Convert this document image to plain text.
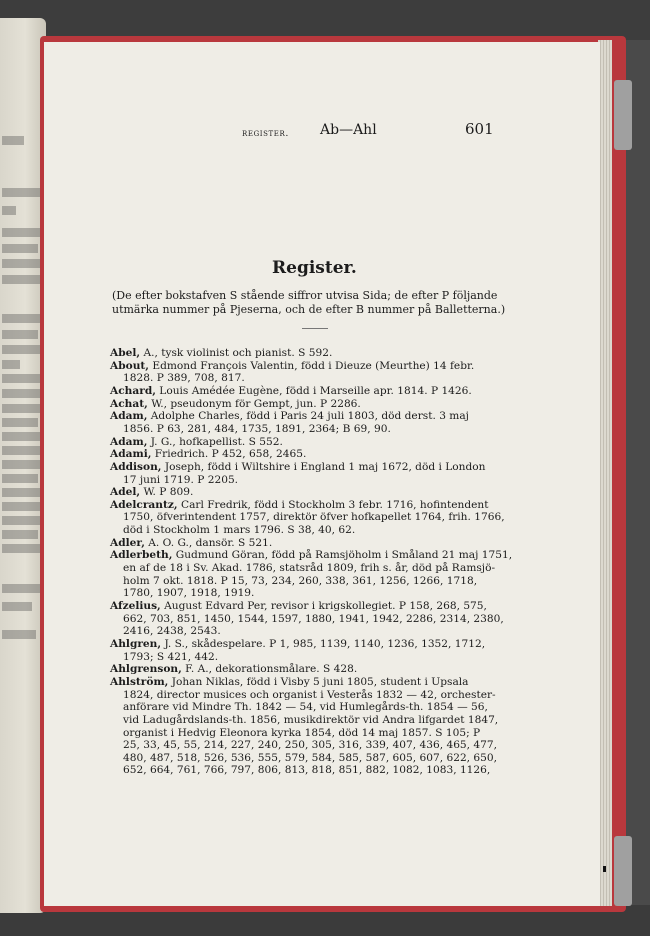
register. Ab—Ahl	601
Register.
(De efter bokstafven S stående siffror utvisa Sida; de efter P följande
utmärka nummer på Pjeserna, och de efter B nummer på Balletterna.)
Abel, A., tysk violinist och pianist. S 592.
About, Edmond François Valentin, född i Dieuze (Meurthe) 14 febr.
1828. P 389, 708, 817.
Achard, Louis Amédée Eugène, född i Marseille apr. 1814. P 1426.
Achat, W., pseudonym för Gempt, jun. P 2286.
Adam, Adolphe Charles, född i Paris 24 juli 1803, död derst. 3 maj
1856. P 63, 281, 484, 1735, 1891, 2364; B 69, 90.
Adam, J. G., hofkapellist. S 552.
Adami, Friedrich. P 452, 658, 2465.
Addison, Joseph, född i Wiltshire i England 1 maj 1672, död i London
17 juni 1719. P 2205.
Adel, W. P 809.
Adelcrantz, Carl Fredrik, född i Stockholm 3 febr. 1716, hofintendent
1750, öfverintendent 1757, direktör öfver hofkapellet 1764, frih. 1766,
död i Stockholm 1 mars 1796. S 38, 40, 62.
Adler, A. O. G., dansör. S 521.
Adlerbeth, Gudmund Göran, född på Ramsjöholm i Småland 21 maj 1751,
en af de 18 i Sv. Akad. 1786, statsråd 1809, frih s. år, död på Ramsjö-
holm 7 okt. 1818. P 15, 73, 234, 260, 338, 361, 1256, 1266, 1718,
1780, 1907, 1918, 1919.
Afzelius, August Edvard Per, revisor i krigskollegiet. P 158, 268, 575,
662, 703, 851, 1450, 1544, 1597, 1880, 1941, 1942, 2286, 2314, 2380,
2416, 2438, 2543.
Ahlgren, J. S., skådespelare. P 1, 985, 1139, 1140, 1236, 1352, 1712,
1793; S 421, 442.
Ahlgrenson, F. A., dekorationsmålare. S 428.
Ahlström, Johan Niklas, född i Visby 5 juni 1805, student i Upsala
1824, director musices och organist i Vesterås 1832 — 42, orchester-
anförare vid Mindre Th. 1842 — 54, vid Humlegårds-th. 1854 — 56,
vid Ladugårdslands-th. 1856, musikdirektör vid Andra lifgardet 1847,
organist i Hedvig Eleonora kyrka 1854, död 14 maj 1857. S 105; P
25, 33, 45, 55, 214, 227, 240, 250, 305, 316, 339, 407, 436, 465, 477,
480, 487, 518, 526, 536, 555, 579, 584, 585, 587, 605, 607, 622, 650,
652, 664, 761, 766, 797, 806, 813, 818, 851, 882, 1082, 1083, 1126,
